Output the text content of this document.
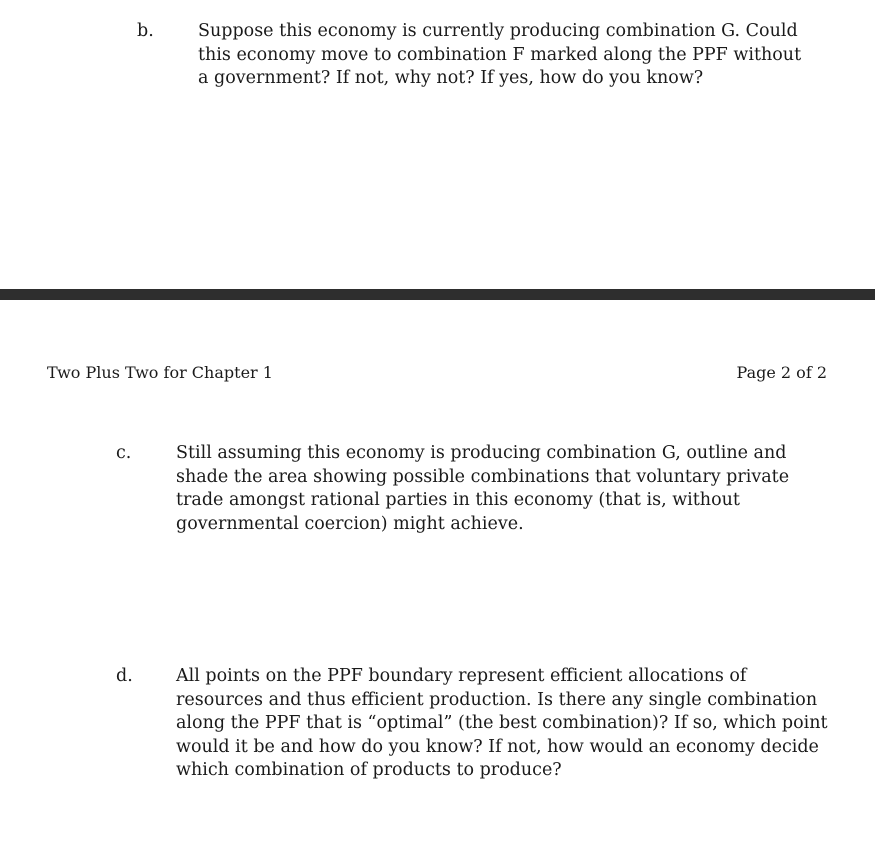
b.	Suppose this economy is currently producing combination G. Could
this economy move to combination F marked along the PPF without
a government? If not, why not? If yes, how do you know?
Two Plus Two for Chapter 1	Page 2 of 2
c.	Still assuming this economy is producing combination G, outline and
shade the area showing possible combinations that voluntary private
trade amongst rational parties in this economy (that is, without
governmental coercion) might achieve.
d. All points on the PPF boundary represent efficient allocations of
resources and thus efficient production. Is there any single combination
along the PPF that is “optimal” (the best combination)? If so, which point
would it be and how do you know? If not, how would an economy decide
which combination of products to produce?
